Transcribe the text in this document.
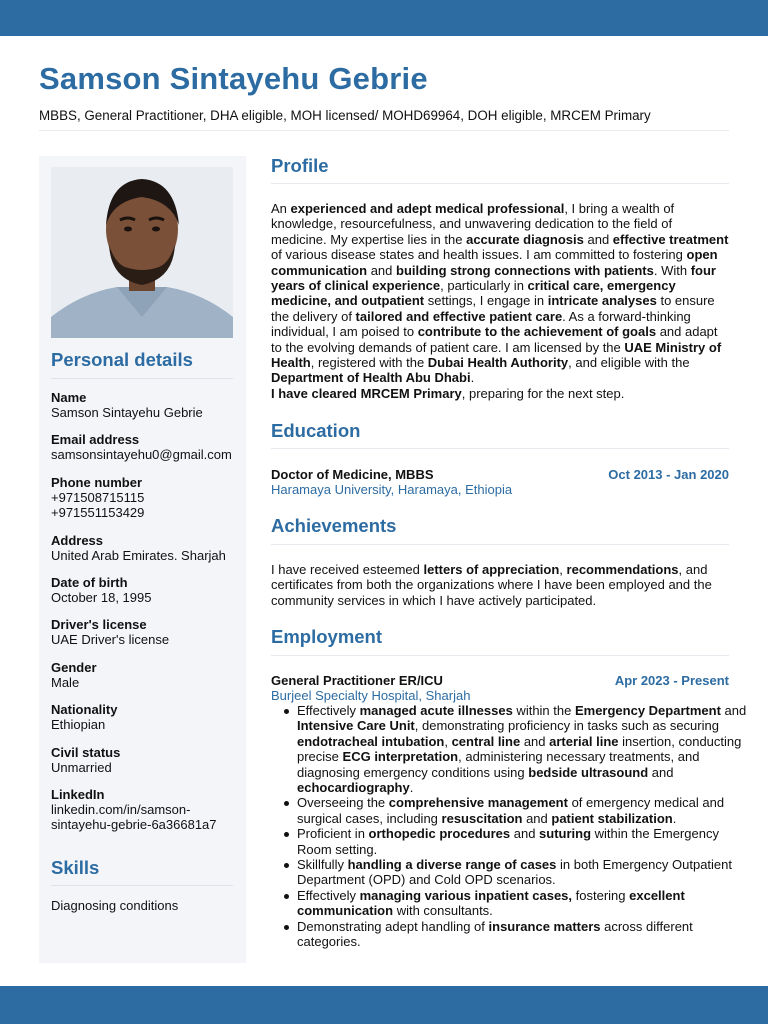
Samson Sintayehu Gebrie

MBBS, General Practitioner, DHA eligible, MOH licensed/ MOHD69964, DOH eligible, MRCEM Primary

Personal details
Name
Samson Sintayehu Gebrie
Email address
samsonsintayehu0@gmail.com
Phone number
+971508715115
+971551153429
Address
United Arab Emirates. Sharjah
Date of birth
October 18, 1995
Driver's license
UAE Driver's license
Gender
Male
Nationality
Ethiopian
Civil status
Unmarried
LinkedIn
linkedin.com/in/samson-
sintayehu-gebrie-6a36681a7
Skills
Diagnosing conditions
Profile

An experienced and adept medical professional, I bring a wealth of knowledge, resourcefulness, and unwavering dedication to the field of medicine. My expertise lies in the accurate diagnosis and effective treatment of various disease states and health issues. I am committed to fostering open communication and building strong connections with patients. With four years of clinical experience, particularly in critical care, emergency medicine, and outpatient settings, I engage in intricate analyses to ensure the delivery of tailored and effective patient care. As a forward-thinking individual, I am poised to contribute to the achievement of goals and adapt to the evolving demands of patient care. I am licensed by the UAE Ministry of Health, registered with the Dubai Health Authority, and eligible with the Department of Health Abu Dhabi.
I have cleared MRCEM Primary, preparing for the next step.

Education
Doctor of Medicine, MBBS	Oct 2013 - Jan 2020
Haramaya University, Haramaya, Ethiopia
Achievements

I have received esteemed letters of appreciation, recommendations, and certificates from both the organizations where I have been employed and the community services in which I have actively participated.

Employment
General Practitioner ER/ICU	Apr 2023 - Present
Burjeel Specialty Hospital, Sharjah
Effectively managed acute illnesses within the Emergency Department and Intensive Care Unit, demonstrating proficiency in tasks such as securing endotracheal intubation, central line and arterial line insertion, conducting precise ECG interpretation, administering necessary treatments, and diagnosing emergency conditions using bedside ultrasound and echocardiography.
Overseeing the comprehensive management of emergency medical and surgical cases, including resuscitation and patient stabilization.
Proficient in orthopedic procedures and suturing within the Emergency Room setting.
Skillfully handling a diverse range of cases in both Emergency Outpatient Department (OPD) and Cold OPD scenarios.
Effectively managing various inpatient cases, fostering excellent communication with consultants.
Demonstrating adept handling of insurance matters across different categories.
